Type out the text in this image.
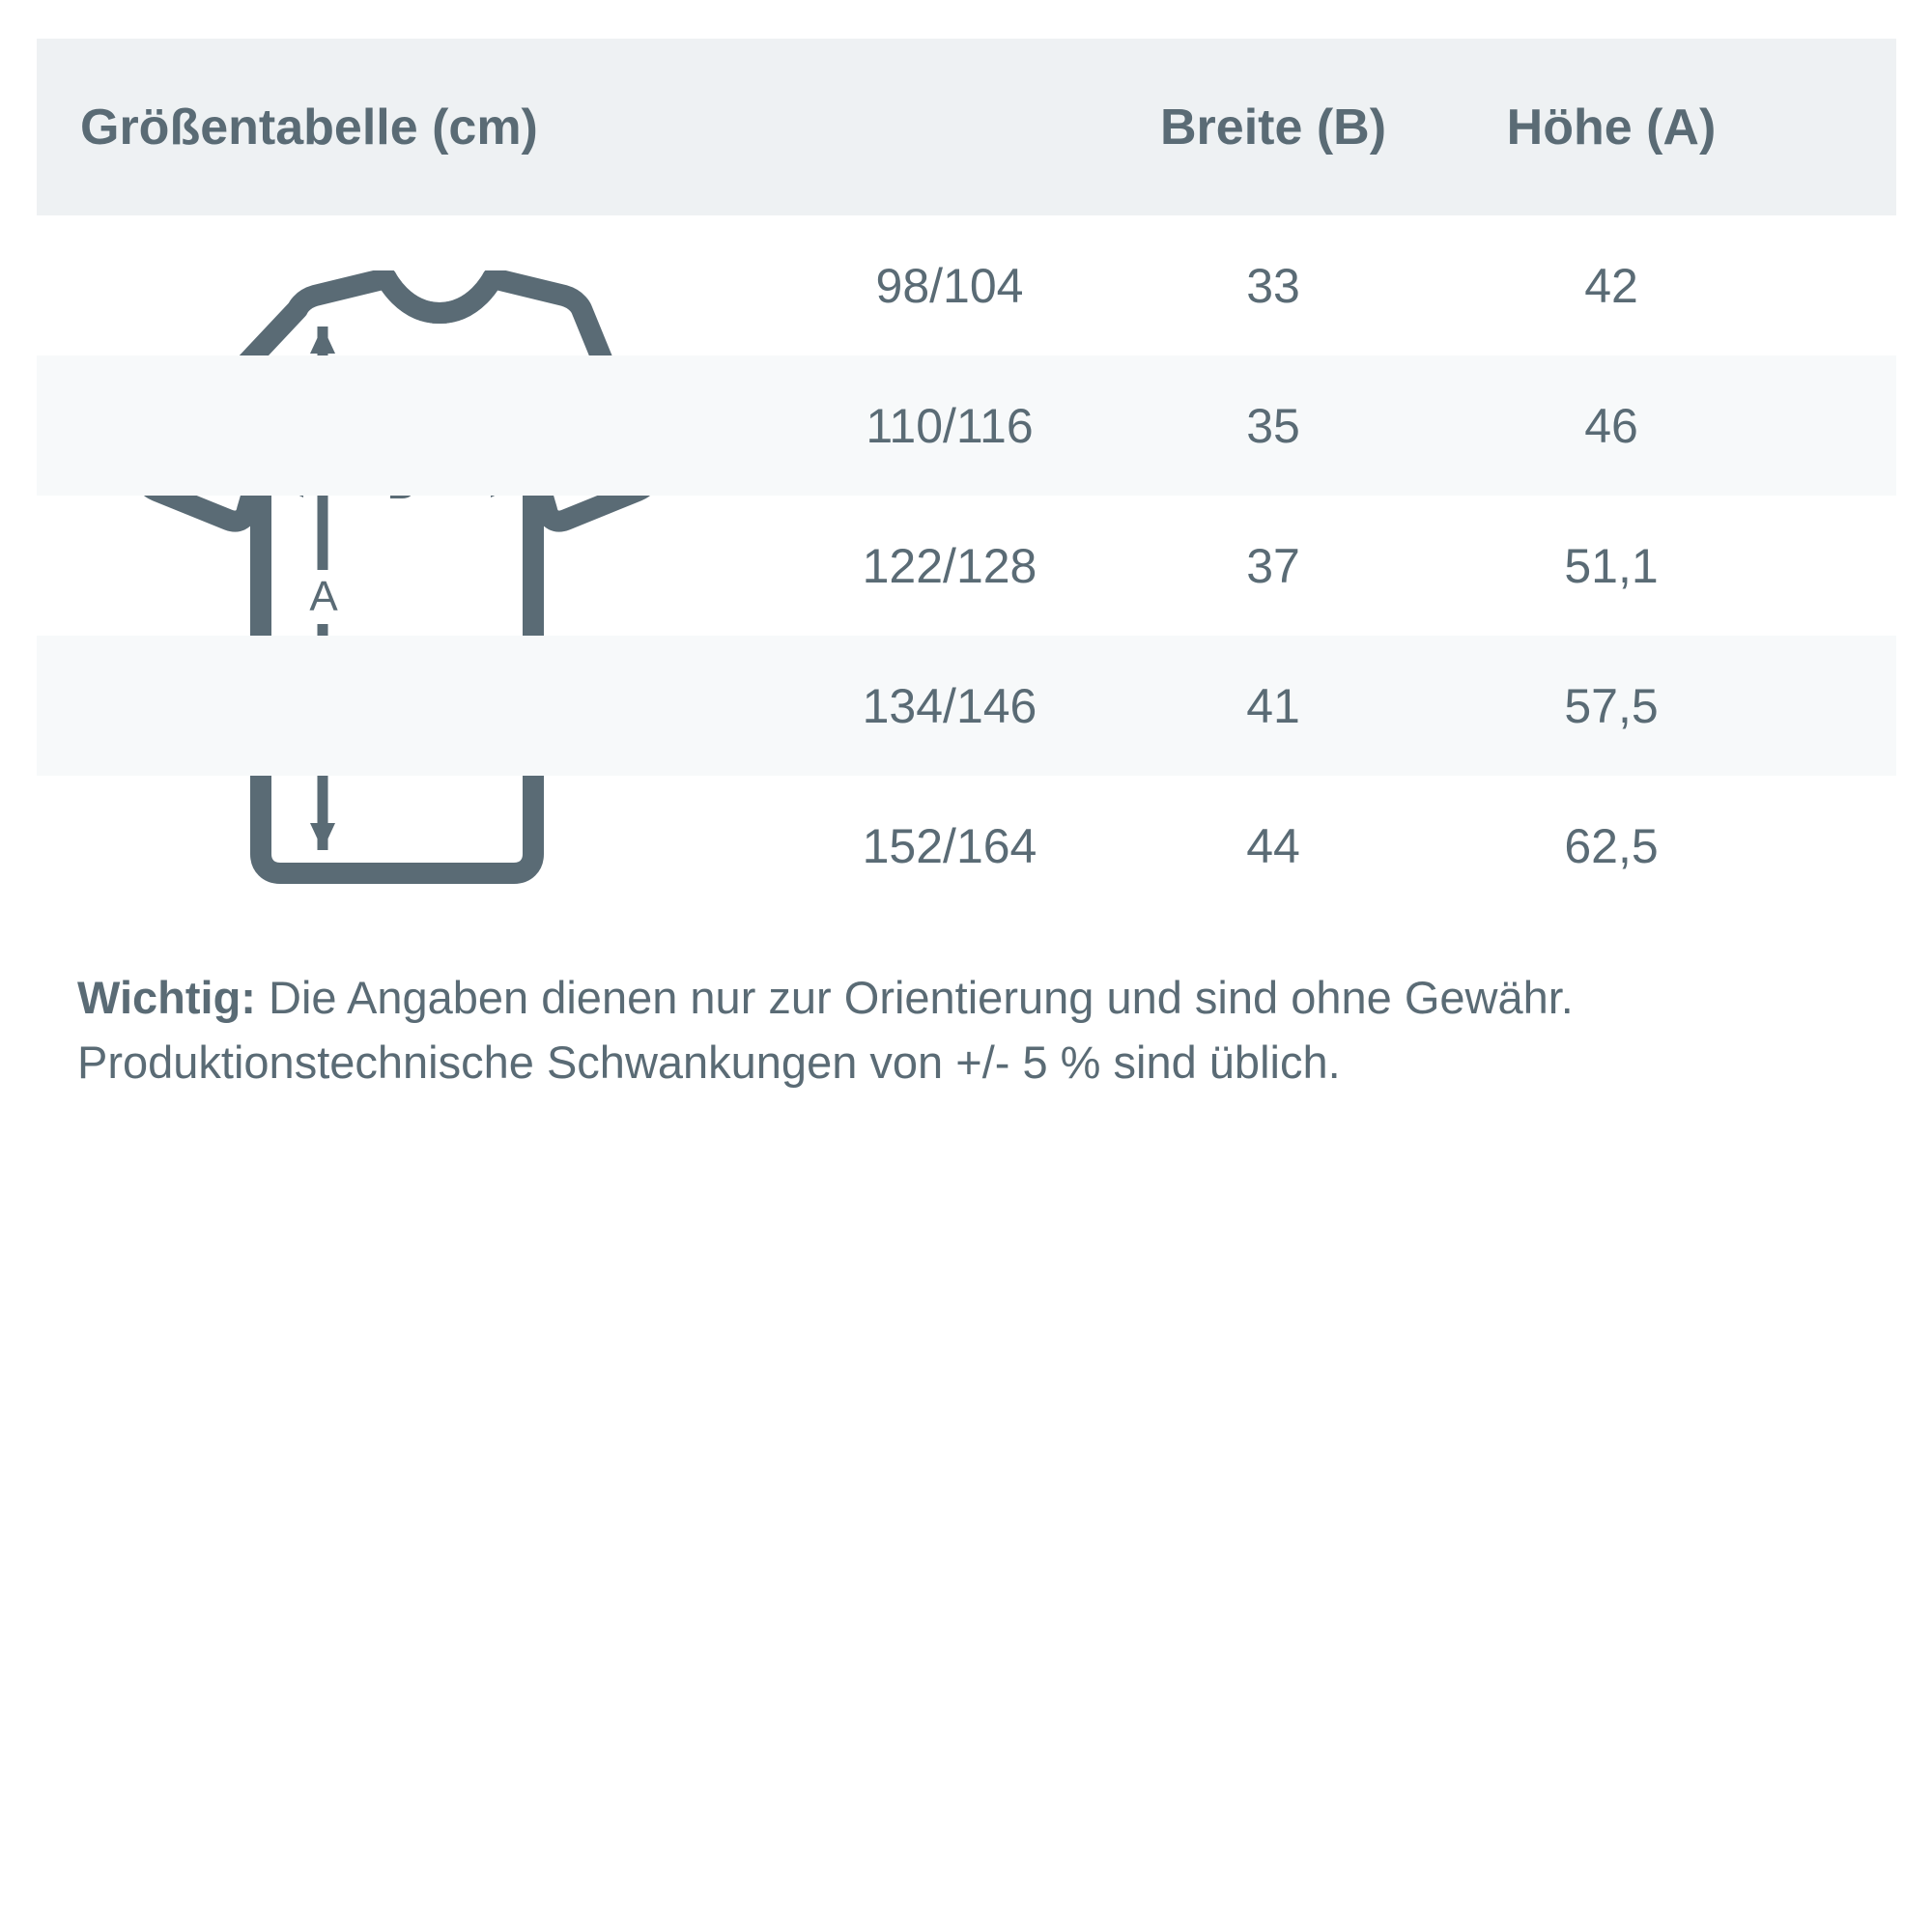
Größentabelle (cm)	Breite (B)	Höhe (A)
A
98/104	33	42
110/116	35	46
122/128	37	51,1
134/146	41	57,5
152/164	44	62,5
Wichtig: Die Angaben dienen nur zur Orientierung und sind ohne Gewähr. Produktionstechnische Schwankungen von +/- 5 % sind üblich.
